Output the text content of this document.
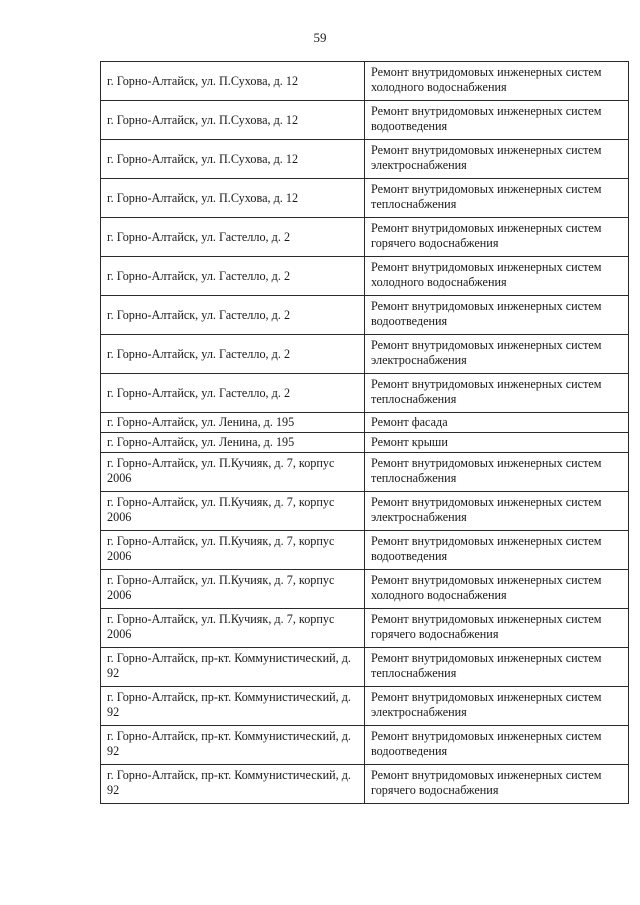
59
г. Горно-Алтайск, ул. П.Сухова, д. 12	Ремонт внутридомовых инженерных систем холодного водоснабжения
г. Горно-Алтайск, ул. П.Сухова, д. 12	Ремонт внутридомовых инженерных систем водоотведения
г. Горно-Алтайск, ул. П.Сухова, д. 12	Ремонт внутридомовых инженерных систем электроснабжения
г. Горно-Алтайск, ул. П.Сухова, д. 12	Ремонт внутридомовых инженерных систем теплоснабжения
г. Горно-Алтайск, ул. Гастелло, д. 2	Ремонт внутридомовых инженерных систем горячего водоснабжения
г. Горно-Алтайск, ул. Гастелло, д. 2	Ремонт внутридомовых инженерных систем холодного водоснабжения
г. Горно-Алтайск, ул. Гастелло, д. 2	Ремонт внутридомовых инженерных систем водоотведения
г. Горно-Алтайск, ул. Гастелло, д. 2	Ремонт внутридомовых инженерных систем электроснабжения
г. Горно-Алтайск, ул. Гастелло, д. 2	Ремонт внутридомовых инженерных систем теплоснабжения
г. Горно-Алтайск, ул. Ленина, д. 195	Ремонт фасада
г. Горно-Алтайск, ул. Ленина, д. 195	Ремонт крыши
г. Горно-Алтайск, ул. П.Кучияк, д. 7, корпус 2006	Ремонт внутридомовых инженерных систем теплоснабжения
г. Горно-Алтайск, ул. П.Кучияк, д. 7, корпус 2006	Ремонт внутридомовых инженерных систем электроснабжения
г. Горно-Алтайск, ул. П.Кучияк, д. 7, корпус 2006	Ремонт внутридомовых инженерных систем водоотведения
г. Горно-Алтайск, ул. П.Кучияк, д. 7, корпус 2006	Ремонт внутридомовых инженерных систем холодного водоснабжения
г. Горно-Алтайск, ул. П.Кучияк, д. 7, корпус 2006	Ремонт внутридомовых инженерных систем горячего водоснабжения
г. Горно-Алтайск, пр-кт. Коммунистический, д. 92	Ремонт внутридомовых инженерных систем теплоснабжения
г. Горно-Алтайск, пр-кт. Коммунистический, д. 92	Ремонт внутридомовых инженерных систем электроснабжения
г. Горно-Алтайск, пр-кт. Коммунистический, д. 92	Ремонт внутридомовых инженерных систем водоотведения
г. Горно-Алтайск, пр-кт. Коммунистический, д. 92	Ремонт внутридомовых инженерных систем горячего водоснабжения
